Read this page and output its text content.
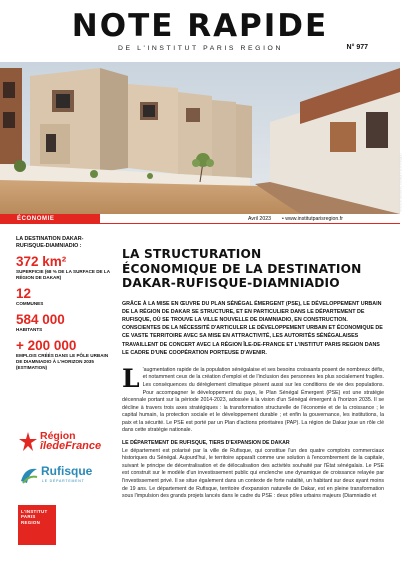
NOTE RAPIDE
DE L'INSTITUT PARIS REGION	N° 977
Vincent Gollain/L'Institut Paris Region
ÉCONOMIE	Avril 2023 • www.institutparisregion.fr
LA DESTINATION DAKAR-RUFISQUE-DIAMNIADIO :
372 km²
SUPERFICIE (68 % DE LA SURFACE DE LA RÉGION DE DAKAR)
12
COMMUNES
584 000
HABITANTS
+ 200 000
EMPLOIS CRÉÉS DANS LE PÔLE URBAIN DE DIAMNIADIO À L'HORIZON 2035 (ESTIMATION)
Région
îledeFrance
Rufisque
LE DÉPARTEMENT
L'INSTITUT
PARIS
REGION
LA STRUCTURATION
ÉCONOMIQUE DE LA DESTINATION
DAKAR-RUFISQUE-DIAMNIADIO

GRÂCE À LA MISE EN ŒUVRE DU PLAN SÉNÉGAL ÉMERGENT (PSE), LE DÉVELOPPEMENT URBAIN DE LA RÉGION DE DAKAR SE STRUCTURE, ET EN PARTICULIER DANS LE DÉPARTEMENT DE RUFISQUE, OÙ SE TROUVE LA VILLE NOUVELLE DE DIAMNIADIO, EN CONSTRUCTION. CONSCIENTES DE LA NÉCESSITÉ D'ARTICULER LE DÉVELOPPEMENT URBAIN ET ÉCONOMIQUE DE CE VASTE TERRITOIRE AVEC SA MISE EN ATTRACTIVITÉ, LES AUTORITÉS SÉNÉGALAISES TRAVAILLENT DE CONCERT AVEC LA RÉGION ÎLE-DE-FRANCE ET L'INSTITUT PARIS REGION DANS LE CADRE D'UNE COOPÉRATION PORTEUSE D'AVENIR.

L 'augmentation rapide de la population sénégalaise et ses besoins croissants posent de nombreux défis, et notamment ceux de la création d'emploi et de l'inclusion des personnes les plus socialement fragiles. Les conséquences du dérèglement climatique pèsent aussi sur les conditions de vie des populations. Pour accompagner le développement du pays, le Plan Sénégal Émergent (PSE) est une stratégie décennale portant sur la période 2014-2023, adossée à la vision d'un Sénégal émergent à l'horizon 2035. Il se décline à travers trois axes stratégiques : la transformation structurelle de l'économie et de la croissance ; le capital humain, la protection sociale et le développement durable ; et enfin la gouvernance, les institutions, la paix et la sécurité. Le PSE est porté par un Plan d'actions prioritaires (PAP). La région de Dakar joue un rôle clé dans cette stratégie nationale.
LE DÉPARTEMENT DE RUFISQUE, TIERS D'EXPANSION DE DAKAR

Le département est polarisé par la ville de Rufisque, qui constitue l'un des quatre comptoirs commerciaux historiques du Sénégal. Aujourd'hui, le territoire apparaît comme une solution à l'encombrement de la capitale, suivant le principe de décentralisation et de délocalisation des activités souhaité par l'État sénégalais. Le PSE est construit sur le modèle d'un investissement public qui enclenche une dynamique de croissance relayée par l'investissement privé. Il se situe également dans un contexte de forte natalité, un habitant sur deux ayant moins de 19 ans. Le département de Rufisque, territoire d'expansion naturelle de Dakar, est en pleine transformation sous l'impulsion des grands projets lancés dans le cadre du PSE : deux pôles urbains majeurs (Diamniadio et
